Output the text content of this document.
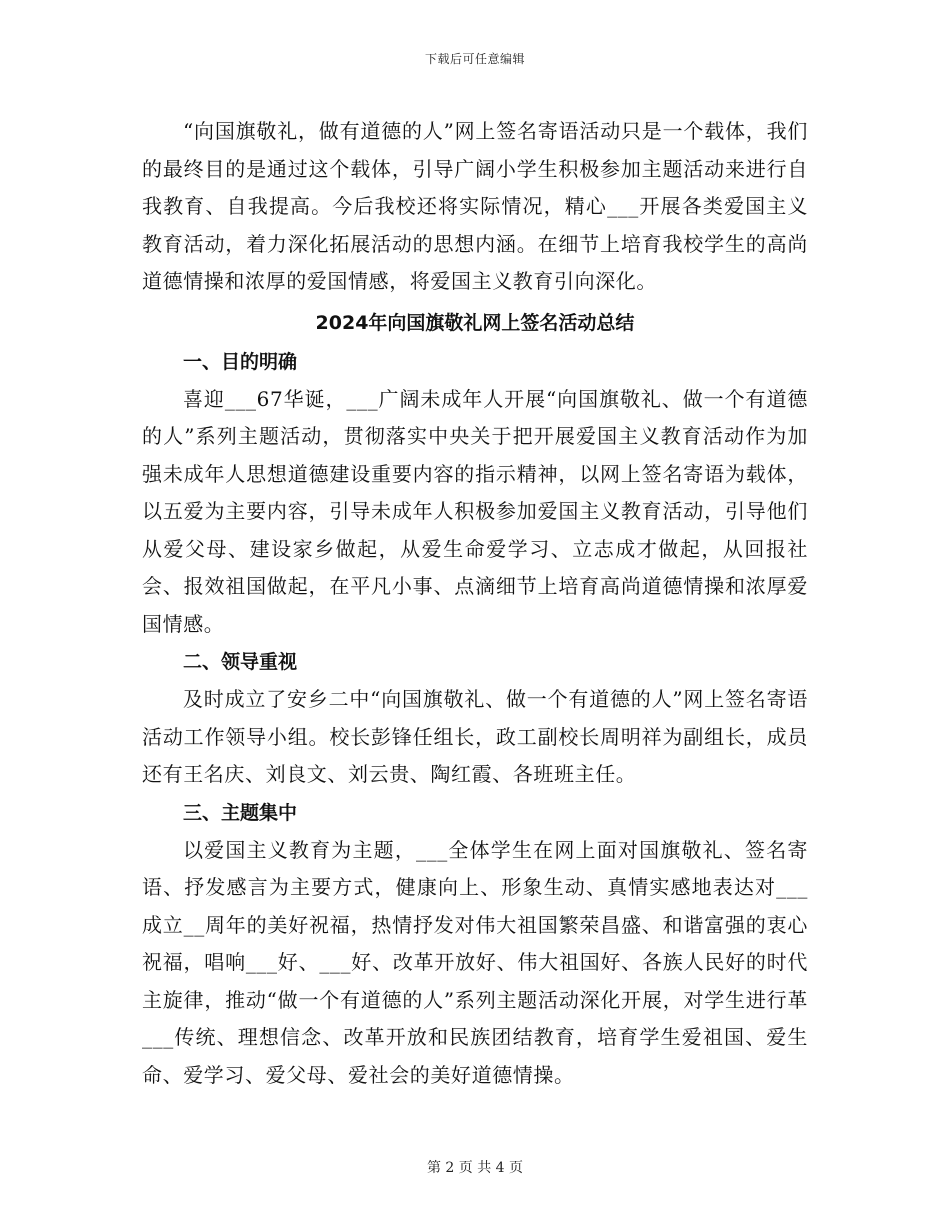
下载后可任意编辑

“向国旗敬礼，做有道德的人”网上签名寄语活动只是一个载体，我们的最终目的是通过这个载体，引导广阔小学生积极参加主题活动来进行自我教育、自我提高。今后我校还将实际情况，精心___开展各类爱国主义教育活动，着力深化拓展活动的思想内涵。在细节上培育我校学生的高尚道德情操和浓厚的爱国情感，将爱国主义教育引向深化。

2024年向国旗敬礼网上签名活动总结
一、目的明确

喜迎___67华诞，___广阔未成年人开展“向国旗敬礼、做一个有道德的人”系列主题活动，贯彻落实中央关于把开展爱国主义教育活动作为加强未成年人思想道德建设重要内容的指示精神，以网上签名寄语为载体，以五爱为主要内容，引导未成年人积极参加爱国主义教育活动，引导他们从爱父母、建设家乡做起，从爱生命爱学习、立志成才做起，从回报社会、报效祖国做起，在平凡小事、点滴细节上培育高尚道德情操和浓厚爱国情感。

二、领导重视

及时成立了安乡二中“向国旗敬礼、做一个有道德的人”网上签名寄语活动工作领导小组。校长彭锋任组长，政工副校长周明祥为副组长，成员还有王名庆、刘良文、刘云贵、陶红霞、各班班主任。

三、主题集中

以爱国主义教育为主题，___全体学生在网上面对国旗敬礼、签名寄语、抒发感言为主要方式，健康向上、形象生动、真情实感地表达对___成立__周年的美好祝福，热情抒发对伟大祖国繁荣昌盛、和谐富强的衷心祝福，唱响___好、___好、改革开放好、伟大祖国好、各族人民好的时代主旋律，推动“做一个有道德的人”系列主题活动深化开展，对学生进行革___传统、理想信念、改革开放和民族团结教育，培育学生爱祖国、爱生命、爱学习、爱父母、爱社会的美好道德情操。

第 2 页 共 4 页
